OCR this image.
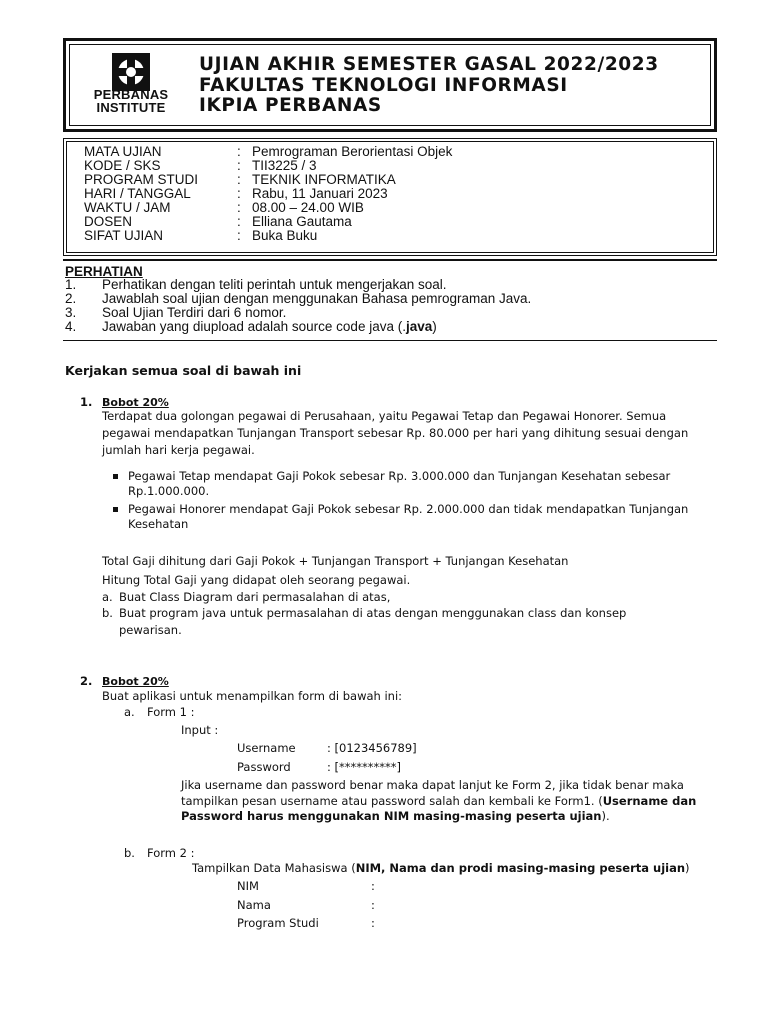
PERBANAS
INSTITUTE
UJIAN AKHIR SEMESTER GASAL 2022/2023
FAKULTAS TEKNOLOGI INFORMASI
IKPIA PERBANAS
MATA UJIAN	: Pemrograman Berorientasi Objek
KODE / SKS	: TII3225 / 3
PROGRAM STUDI	: TEKNIK INFORMATIKA
HARI / TANGGAL	: Rabu, 11 Januari 2023
WAKTU / JAM	: 08.00 – 24.00 WIB
DOSEN	: Elliana Gautama
SIFAT UJIAN	: Buka Buku
PERHATIAN
1. Perhatikan dengan teliti perintah untuk mengerjakan soal.
2. Jawablah soal ujian dengan menggunakan Bahasa pemrograman Java.
3. Soal Ujian Terdiri dari 6 nomor.
4. Jawaban yang diupload adalah source code java (.java)
Kerjakan semua soal di bawah ini
1. Bobot 20%
Terdapat dua golongan pegawai di Perusahaan, yaitu Pegawai Tetap dan Pegawai Honorer. Semua
pegawai mendapatkan Tunjangan Transport sebesar Rp. 80.000 per hari yang dihitung sesuai dengan
jumlah hari kerja pegawai.
Pegawai Tetap mendapat Gaji Pokok sebesar Rp. 3.000.000 dan Tunjangan Kesehatan sebesar
Rp.1.000.000.
Pegawai Honorer mendapat Gaji Pokok sebesar Rp. 2.000.000 dan tidak mendapatkan Tunjangan
Kesehatan
Total Gaji dihitung dari Gaji Pokok + Tunjangan Transport + Tunjangan Kesehatan
Hitung Total Gaji yang didapat oleh seorang pegawai.
a. Buat Class Diagram dari permasalahan di atas,
b. Buat program java untuk permasalahan di atas dengan menggunakan class dan konsep
pewarisan.
2. Bobot 20%
Buat aplikasi untuk menampilkan form di bawah ini:
a. Form 1 :
Input :
Username	: [0123456789]
Password	: [**********]
Jika username dan password benar maka dapat lanjut ke Form 2, jika tidak benar maka
tampilkan pesan username atau password salah dan kembali ke Form1. (Username dan
Password harus menggunakan NIM masing-masing peserta ujian).
b. Form 2 :
Tampilkan Data Mahasiswa (NIM, Nama dan prodi masing-masing peserta ujian)
NIM	:
Nama	:
Program Studi	:
